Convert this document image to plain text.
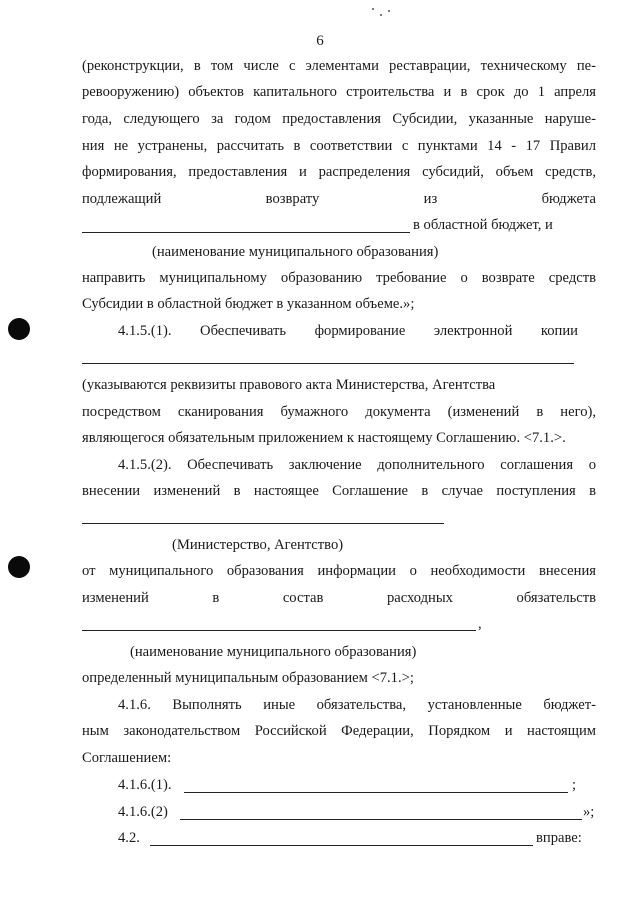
6
(реконструкции, в том числе с элементами реставрации, техническому пе-
ревооружению) объектов капитального строительства и в срок до 1 апреля
года, следующего за годом предоставления Субсидии, указанные наруше-
ния не устранены, рассчитать в соответствии с пунктами 14 - 17 Правил
формирования, предоставления и распределения субсидий, объем средств,
подлежащий возврату из бюджета
в областной бюджет, и
(наименование муниципального образования)
направить муниципальному образованию требование о возврате средств
Субсидии в областной бюджет в указанном объеме.»;
4.1.5.(1). Обеспечивать формирование электронной копии
(указываются реквизиты правового акта Министерства, Агентства
посредством сканирования бумажного документа (изменений в него),
являющегося обязательным приложением к настоящему Соглашению. <7.1.>.
4.1.5.(2). Обеспечивать заключение дополнительного соглашения о
внесении изменений в настоящее Соглашение в случае поступления в
(Министерство, Агентство)
от муниципального образования информации о необходимости внесения
изменений в состав расходных обязательств
,
(наименование муниципального образования)
определенный муниципальным образованием <7.1.>;
4.1.6. Выполнять иные обязательства, установленные бюджет-
ным законодательством Российской Федерации, Порядком и настоящим
Соглашением:
4.1.6.(1).	;
4.1.6.(2)	»;
4.2.	вправе:
